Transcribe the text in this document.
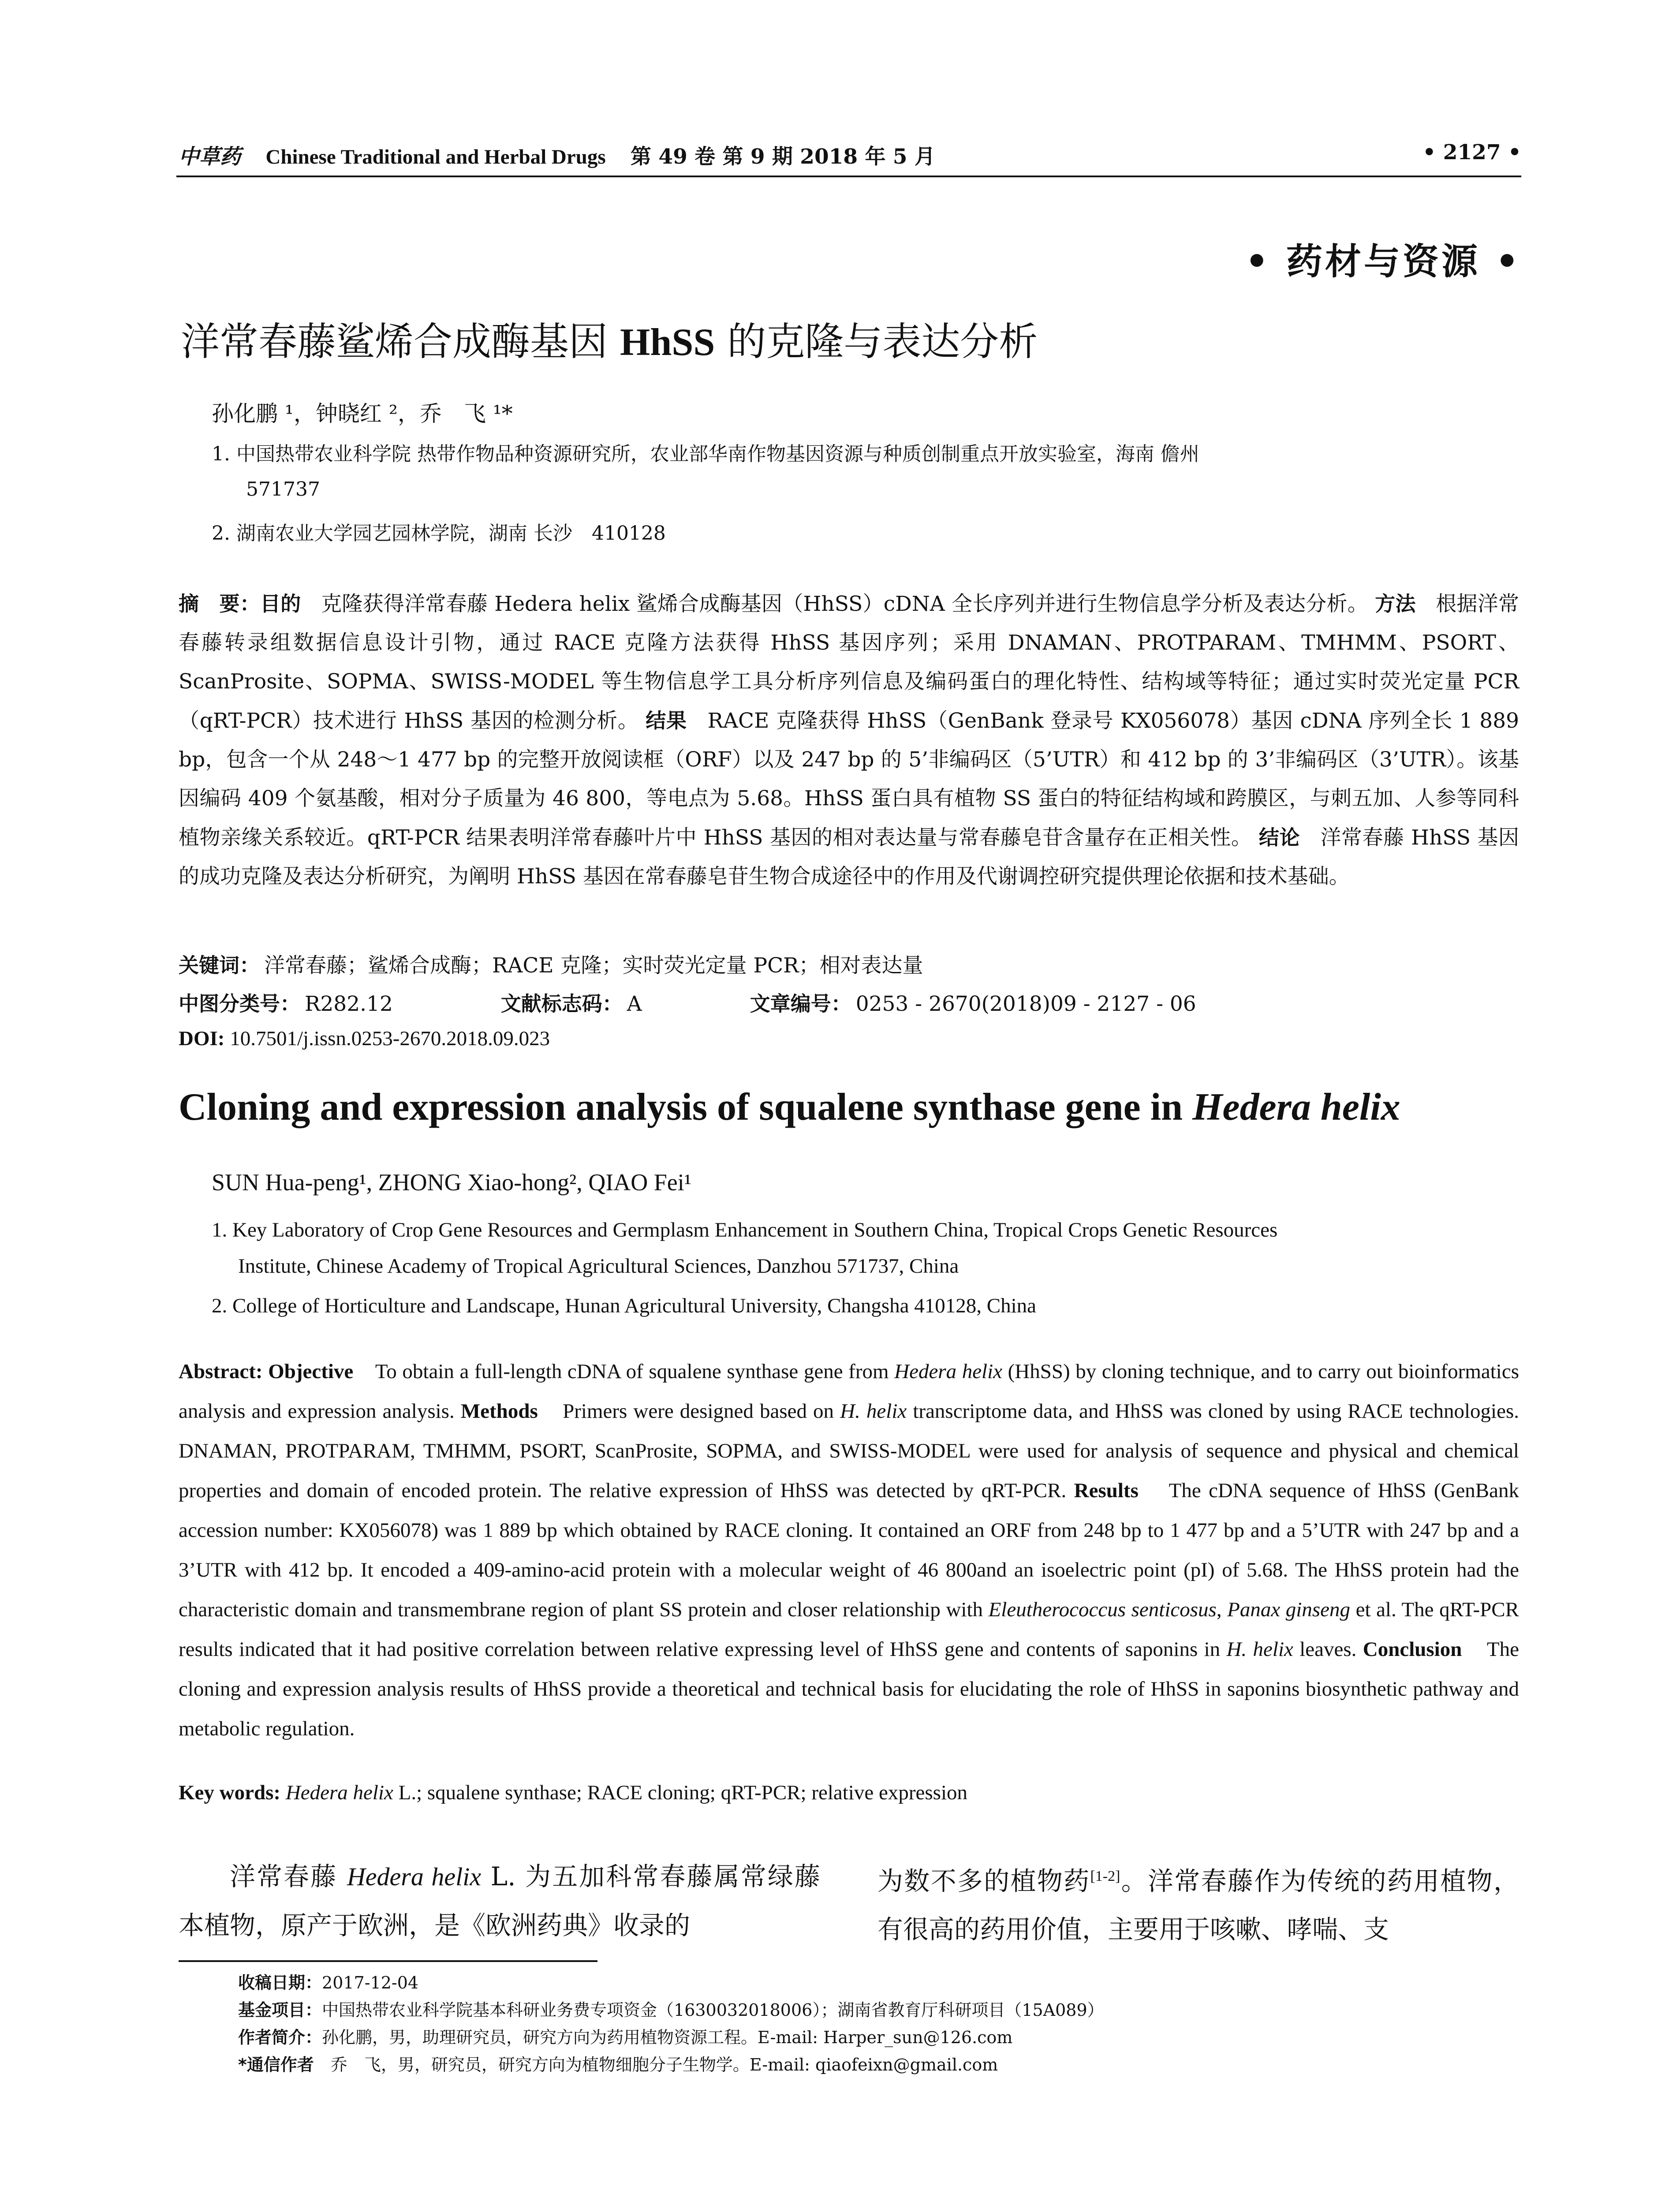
中草药 Chinese Traditional and Herbal Drugs 第 49 卷 第 9 期 2018 年 5 月	• 2127 •
• 药材与资源 •
洋常春藤鲨烯合成酶基因 HhSS 的克隆与表达分析
孙化鹏 ¹，钟晓红 ²，乔　飞 ¹*
1. 中国热带农业科学院 热带作物品种资源研究所，农业部华南作物基因资源与种质创制重点开放实验室，海南 儋州
571737
2. 湖南农业大学园艺园林学院，湖南 长沙　410128
摘　要：目的 克隆获得洋常春藤 Hedera helix 鲨烯合成酶基因（HhSS）cDNA 全长序列并进行生物信息学分析及表达分析。 方法 根据洋常春藤转录组数据信息设计引物，通过 RACE 克隆方法获得 HhSS 基因序列；采用 DNAMAN、PROTPARAM、TMHMM、PSORT、ScanProsite、SOPMA、SWISS-MODEL 等生物信息学工具分析序列信息及编码蛋白的理化特性、结构域等特征；通过实时荧光定量 PCR（qRT-PCR）技术进行 HhSS 基因的检测分析。 结果 RACE 克隆获得 HhSS（GenBank 登录号 KX056078）基因 cDNA 序列全长 1 889 bp，包含一个从 248～1 477 bp 的完整开放阅读框（ORF）以及 247 bp 的 5’非编码区（5’UTR）和 412 bp 的 3’非编码区（3’UTR）。该基因编码 409 个氨基酸，相对分子质量为 46 800，等电点为 5.68。HhSS 蛋白具有植物 SS 蛋白的特征结构域和跨膜区，与刺五加、人参等同科植物亲缘关系较近。qRT-PCR 结果表明洋常春藤叶片中 HhSS 基因的相对表达量与常春藤皂苷含量存在正相关性。 结论 洋常春藤 HhSS 基因的成功克隆及表达分析研究，为阐明 HhSS 基因在常春藤皂苷生物合成途径中的作用及代谢调控研究提供理论依据和技术基础。
关键词： 洋常春藤；鲨烯合成酶；RACE 克隆；实时荧光定量 PCR；相对表达量
中图分类号： R282.12	文献标志码： A	文章编号： 0253 - 2670(2018)09 - 2127 - 06
DOI: 10.7501/j.issn.0253-2670.2018.09.023
Cloning and expression analysis of squalene synthase gene in Hedera helix
SUN Hua-peng¹, ZHONG Xiao-hong², QIAO Fei¹
1. Key Laboratory of Crop Gene Resources and Germplasm Enhancement in Southern China, Tropical Crops Genetic Resources
Institute, Chinese Academy of Tropical Agricultural Sciences, Danzhou 571737, China
2. College of Horticulture and Landscape, Hunan Agricultural University, Changsha 410128, China
Abstract: Objective To obtain a full-length cDNA of squalene synthase gene from Hedera helix (HhSS) by cloning technique, and to carry out bioinformatics analysis and expression analysis. Methods Primers were designed based on H. helix transcriptome data, and HhSS was cloned by using RACE technologies. DNAMAN, PROTPARAM, TMHMM, PSORT, ScanProsite, SOPMA, and SWISS-MODEL were used for analysis of sequence and physical and chemical properties and domain of encoded protein. The relative expression of HhSS was detected by qRT-PCR. Results The cDNA sequence of HhSS (GenBank accession number: KX056078) was 1 889 bp which obtained by RACE cloning. It contained an ORF from 248 bp to 1 477 bp and a 5’UTR with 247 bp and a 3’UTR with 412 bp. It encoded a 409-amino-acid protein with a molecular weight of 46 800and an isoelectric point (pI) of 5.68. The HhSS protein had the characteristic domain and transmembrane region of plant SS protein and closer relationship with Eleutherococcus senticosus, Panax ginseng et al. The qRT-PCR results indicated that it had positive correlation between relative expressing level of HhSS gene and contents of saponins in H. helix leaves. Conclusion The cloning and expression analysis results of HhSS provide a theoretical and technical basis for elucidating the role of HhSS in saponins biosynthetic pathway and metabolic regulation.
Key words: Hedera helix L.; squalene synthase; RACE cloning; qRT-PCR; relative expression
洋常春藤 Hedera helix L. 为五加科常春藤属常绿藤本植物，原产于欧洲，是《欧洲药典》收录的
为数不多的植物药[1-2]。洋常春藤作为传统的药用植物，有很高的药用价值，主要用于咳嗽、哮喘、支
收稿日期：2017-12-04
基金项目：中国热带农业科学院基本科研业务费专项资金（1630032018006）；湖南省教育厅科研项目（15A089）
作者简介：孙化鹏，男，助理研究员，研究方向为药用植物资源工程。E-mail: Harper_sun@126.com
*通信作者　乔　飞，男，研究员，研究方向为植物细胞分子生物学。E-mail: qiaofeixn@gmail.com
